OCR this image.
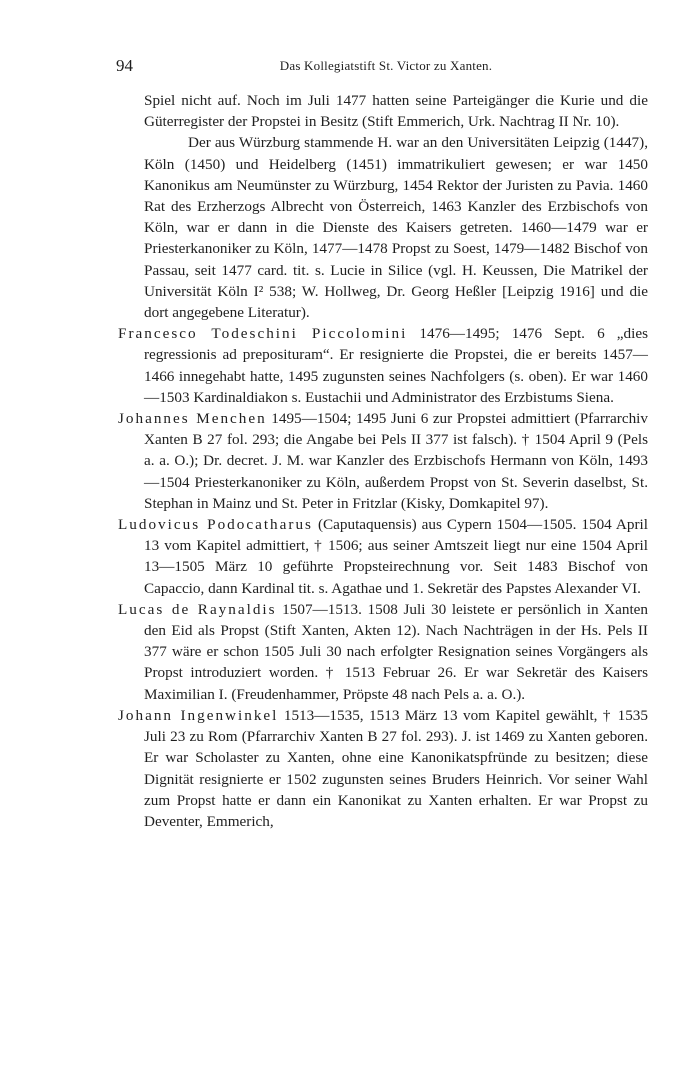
94	Das Kollegiatstift St. Victor zu Xanten.

Spiel nicht auf. Noch im Juli 1477 hatten seine Parteigänger die Kurie und die Güterregister der Propstei in Besitz (Stift Emmerich, Urk. Nachtrag II Nr. 10).

Der aus Würzburg stammende H. war an den Universitäten Leipzig (1447), Köln (1450) und Heidelberg (1451) immatrikuliert gewesen; er war 1450 Kanonikus am Neumünster zu Würzburg, 1454 Rektor der Juristen zu Pavia. 1460 Rat des Erzherzogs Albrecht von Österreich, 1463 Kanzler des Erzbischofs von Köln, war er dann in die Dienste des Kaisers getreten. 1460—1479 war er Priesterkanoniker zu Köln, 1477—1478 Propst zu Soest, 1479—1482 Bischof von Passau, seit 1477 card. tit. s. Lucie in Silice (vgl. H. Keussen, Die Matrikel der Universität Köln I² 538; W. Hollweg, Dr. Georg Heßler [Leipzig 1916] und die dort angegebene Literatur).

Francesco Todeschini Piccolomini 1476—1495; 1476 Sept. 6 „dies regressionis ad preposituram“. Er resignierte die Propstei, die er bereits 1457—1466 innegehabt hatte, 1495 zugunsten seines Nachfolgers (s. oben). Er war 1460—1503 Kardinaldiakon s. Eustachii und Administrator des Erzbistums Siena.

Johannes Menchen 1495—1504; 1495 Juni 6 zur Propstei admittiert (Pfarrarchiv Xanten B 27 fol. 293; die Angabe bei Pels II 377 ist falsch). † 1504 April 9 (Pels a. a. O.); Dr. decret. J. M. war Kanzler des Erzbischofs Hermann von Köln, 1493—1504 Priesterkanoniker zu Köln, außerdem Propst von St. Severin daselbst, St. Stephan in Mainz und St. Peter in Fritzlar (Kisky, Domkapitel 97).

Ludovicus Podocatharus (Caputaquensis) aus Cypern 1504—1505. 1504 April 13 vom Kapitel admittiert, † 1506; aus seiner Amtszeit liegt nur eine 1504 April 13—1505 März 10 geführte Propsteirechnung vor. Seit 1483 Bischof von Capaccio, dann Kardinal tit. s. Agathae und 1. Sekretär des Papstes Alexander VI.

Lucas de Raynaldis 1507—1513. 1508 Juli 30 leistete er persönlich in Xanten den Eid als Propst (Stift Xanten, Akten 12). Nach Nachträgen in der Hs. Pels II 377 wäre er schon 1505 Juli 30 nach erfolgter Resignation seines Vorgängers als Propst introduziert worden. † 1513 Februar 26. Er war Sekretär des Kaisers Maximilian I. (Freudenhammer, Pröpste 48 nach Pels a. a. O.).

Johann Ingenwinkel 1513—1535, 1513 März 13 vom Kapitel gewählt, † 1535 Juli 23 zu Rom (Pfarrarchiv Xanten B 27 fol. 293). J. ist 1469 zu Xanten geboren. Er war Scholaster zu Xanten, ohne eine Kanonikatspfründe zu besitzen; diese Dignität resignierte er 1502 zugunsten seines Bruders Heinrich. Vor seiner Wahl zum Propst hatte er dann ein Kanonikat zu Xanten erhalten. Er war Propst zu Deventer, Emmerich,
